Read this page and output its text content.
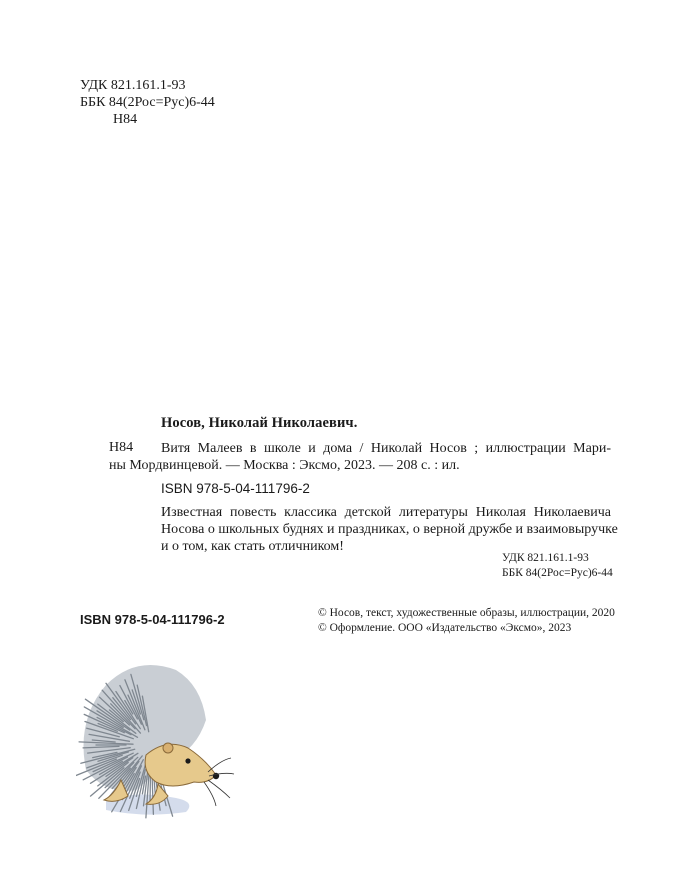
УДК 821.161.1-93
ББК 84(2Рос=Рус)6-44
Н84
Носов, Николай Николаевич.
Н84 Витя Малеев в школе и дома / Николай Носов ; иллюстрации Мари-
ны Мордвинцевой. — Москва : Эксмо, 2023. — 208 с. : ил.
ISBN 978-5-04-111796-2
Известная повесть классика детской литературы Николая Николаевича
Носова о школьных буднях и праздниках, о верной дружбе и взаимовыручке
и о том, как стать отличником!
УДК 821.161.1-93
ББК 84(2Рос=Рус)6-44
ISBN 978-5-04-111796-2	© Носов, текст, художественные образы, иллюстрации, 2020
© Оформление. ООО «Издательство «Эксмо», 2023
